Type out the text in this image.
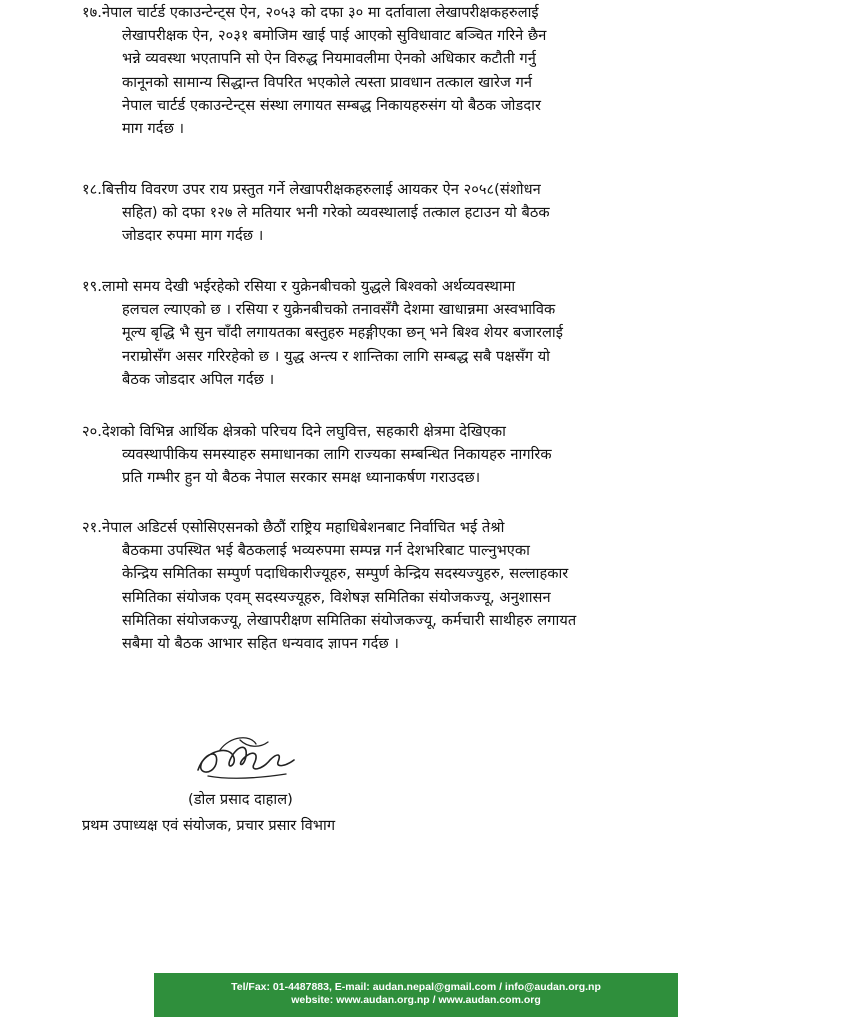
१७.नेपाल चार्टर्ड एकाउन्टेन्ट्स ऐन, २०५३ को दफा ३० मा दर्तावाला लेखापरीक्षकहरुलाई
लेखापरीक्षक ऐन, २०३१ बमोजिम खाई पाई आएको सुविधावाट बञ्चित गरिने छैन
भन्ने व्यवस्था भएतापनि सो ऐन विरुद्ध नियमावलीमा ऐनको अधिकार कटौती गर्नु
कानूनको सामान्य सिद्धान्त विपरित भएकोले त्यस्ता प्रावधान तत्काल खारेज गर्न
नेपाल चार्टर्ड एकाउन्टेन्ट्स संस्था लगायत सम्बद्ध निकायहरुसंग यो बैठक जोडदार
माग गर्दछ ।
१८.बित्तीय विवरण उपर राय प्रस्तुत गर्ने लेखापरीक्षकहरुलाई आयकर ऐन २०५८(संशोधन
सहित) को दफा १२७ ले मतियार भनी गरेको व्यवस्थालाई तत्काल हटाउन यो बैठक
जोडदार रुपमा माग गर्दछ ।
१९.लामो समय देखी भईरहेको रसिया र युक्रेनबीचको युद्धले बिश्वको अर्थव्यवस्थामा
हलचल ल्याएको छ । रसिया र युक्रेनबीचको तनावसँगै देशमा खाधान्नमा अस्वभाविक
मूल्य बृद्धि भै सुन चाँदी लगायतका बस्तुहरु महङ्गीएका छन् भने बिश्व शेयर बजारलाई
नराम्रोसँग असर गरिरहेको छ । युद्ध अन्त्य र शान्तिका लागि सम्बद्ध सबै पक्षसँग यो
बैठक जोडदार अपिल गर्दछ ।
२०.देशको विभिन्न आर्थिक क्षेत्रको परिचय दिने लघुवित्त, सहकारी क्षेत्रमा देखिएका
व्यवस्थापीकिय समस्याहरु समाधानका लागि राज्यका सम्बन्धित निकायहरु नागरिक
प्रति गम्भीर हुन यो बैठक नेपाल सरकार समक्ष ध्यानाकर्षण गराउदछ।
२१.नेपाल अडिटर्स एसोसिएसनको छैठौं राष्ट्रिय महाधिबेशनबाट निर्वाचित भई तेश्रो
बैठकमा उपस्थित भई बैठकलाई भव्यरुपमा सम्पन्न गर्न देशभरिबाट पाल्नुभएका
केन्द्रिय समितिका सम्पुर्ण पदाधिकारीज्यूहरु, सम्पुर्ण केन्द्रिय सदस्यज्युहरु, सल्लाहकार
समितिका संयोजक एवम् सदस्यज्यूहरु, विशेषज्ञ समितिका संयोजकज्यू, अनुशासन
समितिका संयोजकज्यू, लेखापरीक्षण समितिका संयोजकज्यू, कर्मचारी साथीहरु लगायत
सबैमा यो बैठक आभार सहित धन्यवाद ज्ञापन गर्दछ ।
(डोल प्रसाद दाहाल)
प्रथम उपाध्यक्ष एवं संयोजक, प्रचार प्रसार विभाग
Tel/Fax: 01-4487883, E-mail: audan.nepal@gmail.com / info@audan.org.np
website: www.audan.org.np / www.audan.com.org
